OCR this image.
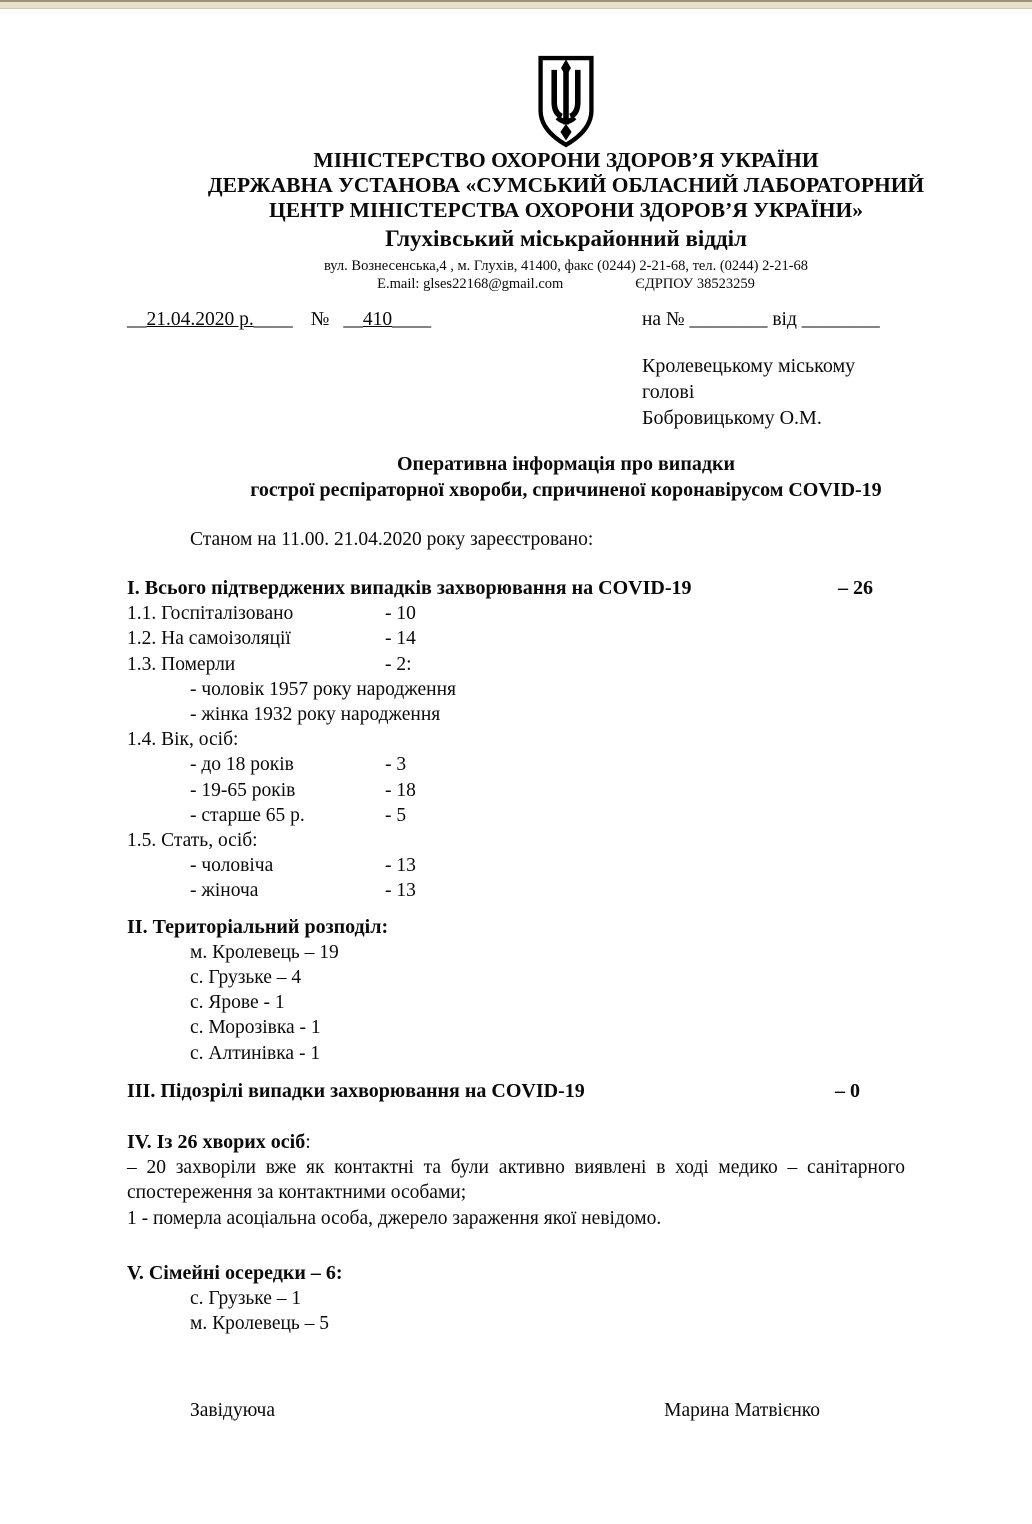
МІНІСТЕРСТВО ОХОРОНИ ЗДОРОВ’Я УКРАЇНИ
ДЕРЖАВНА УСТАНОВА «СУМСЬКИЙ ОБЛАСНИЙ ЛАБОРАТОРНИЙ
ЦЕНТР МІНІСТЕРСТВА ОХОРОНИ ЗДОРОВ’Я УКРАЇНИ»
Глухівський міськрайонний відділ
вул. Вознесенська,4 , м. Глухів, 41400, факс (0244) 2-21-68, тел. (0244) 2-21-68
E.mail: glses22168@gmail.com	ЄДРПОУ 38523259
__21.04.2020 р.____ № __410____	на № ________ від ________
Кролевецькому міському голові
Бобровицькому О.М.
Оперативна інформація про випадки
гострої респіраторної хвороби, спричиненої коронавірусом COVID-19
Станом на 11.00. 21.04.2020 року зареєстровано:
І. Всього підтверджених випадків захворювання на COVID-19	– 26
1.1. Госпіталізовано	- 10
1.2. На самоізоляції	- 14
1.3. Померли	- 2:
- чоловік 1957 року народження
- жінка 1932 року народження
1.4. Вік, осіб:
- до 18 років	- 3
- 19-65 років	- 18
- старше 65 р.	- 5
1.5. Стать, осіб:
- чоловіча	- 13
- жіноча	- 13
ІІ. Територіальний розподіл:
м. Кролевець – 19
с. Грузьке – 4
с. Ярове - 1
с. Морозівка - 1
с. Алтинівка - 1
ІІІ. Підозрілі випадки захворювання на COVID-19	– 0
IV. Із 26 хворих осіб :
– 20 захворіли вже як контактні та були активно виявлені в ході медико – санітарного спостереження за контактними особами;
1 - померла асоціальна особа, джерело зараження якої невідомо.
V. Сімейні осередки – 6:
с. Грузьке – 1
м. Кролевець – 5
Завідуюча	Марина Матвієнко
